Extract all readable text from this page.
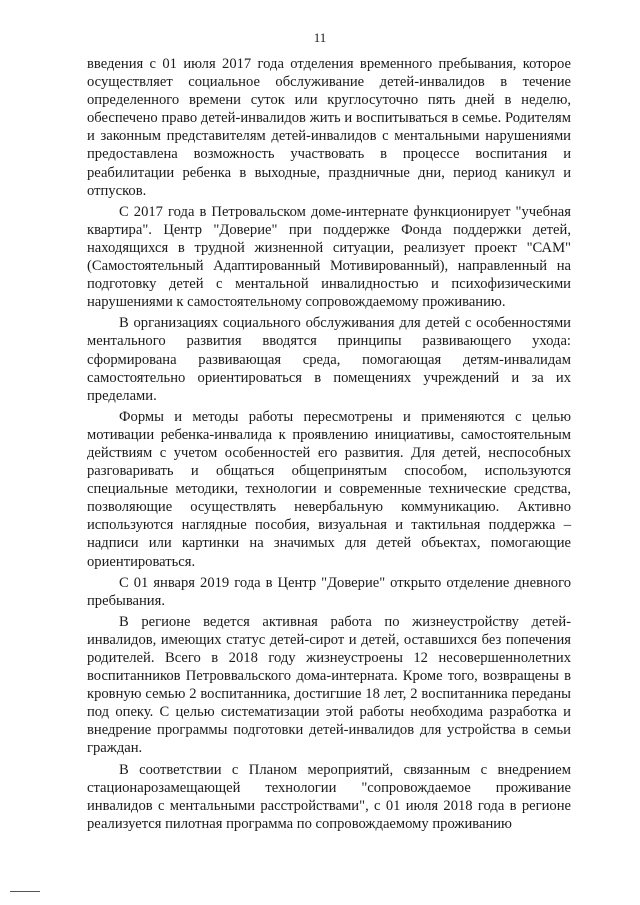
11

введения с 01 июля 2017 года отделения временного пребывания, которое осуществляет социальное обслуживание детей-инвалидов в течение определенного времени суток или круглосуточно пять дней в неделю, обеспечено право детей-инвалидов жить и воспитываться в семье. Родителям и законным представителям детей-инвалидов с ментальными нарушениями предоставлена возможность участвовать в процессе воспитания и реабилитации ребенка в выходные, праздничные дни, период каникул и отпусков.

С 2017 года в Петровальском доме-интернате функционирует "учебная квартира". Центр "Доверие" при поддержке Фонда поддержки детей, находящихся в трудной жизненной ситуации, реализует проект "САМ" (Самостоятельный Адаптированный Мотивированный), направленный на подготовку детей с ментальной инвалидностью и психофизическими нарушениями к самостоятельному сопровождаемому проживанию.

В организациях социального обслуживания для детей с особенностями ментального развития вводятся принципы развивающего ухода: сформирована развивающая среда, помогающая детям-инвалидам самостоятельно ориентироваться в помещениях учреждений и за их пределами.

Формы и методы работы пересмотрены и применяются с целью мотивации ребенка-инвалида к проявлению инициативы, самостоятельным действиям с учетом особенностей его развития. Для детей, неспособных разговаривать и общаться общепринятым способом, используются специальные методики, технологии и современные технические средства, позволяющие осуществлять невербальную коммуникацию. Активно используются наглядные пособия, визуальная и тактильная поддержка – надписи или картинки на значимых для детей объектах, помогающие ориентироваться.

С 01 января 2019 года в Центр "Доверие" открыто отделение дневного пребывания.

В регионе ведется активная работа по жизнеустройству детей-инвалидов, имеющих статус детей-сирот и детей, оставшихся без попечения родителей. Всего в 2018 году жизнеустроены 12 несовершеннолетних воспитанников Петроввальского дома-интерната. Кроме того, возвращены в кровную семью 2 воспитанника, достигшие 18 лет, 2 воспитанника переданы под опеку. С целью систематизации этой работы необходима разработка и внедрение программы подготовки детей-инвалидов для устройства в семьи граждан.

В соответствии с Планом мероприятий, связанным с внедрением стационарозамещающей технологии "сопровождаемое проживание инвалидов с ментальными расстройствами", с 01 июля 2018 года в регионе реализуется пилотная программа по сопровождаемому проживанию
